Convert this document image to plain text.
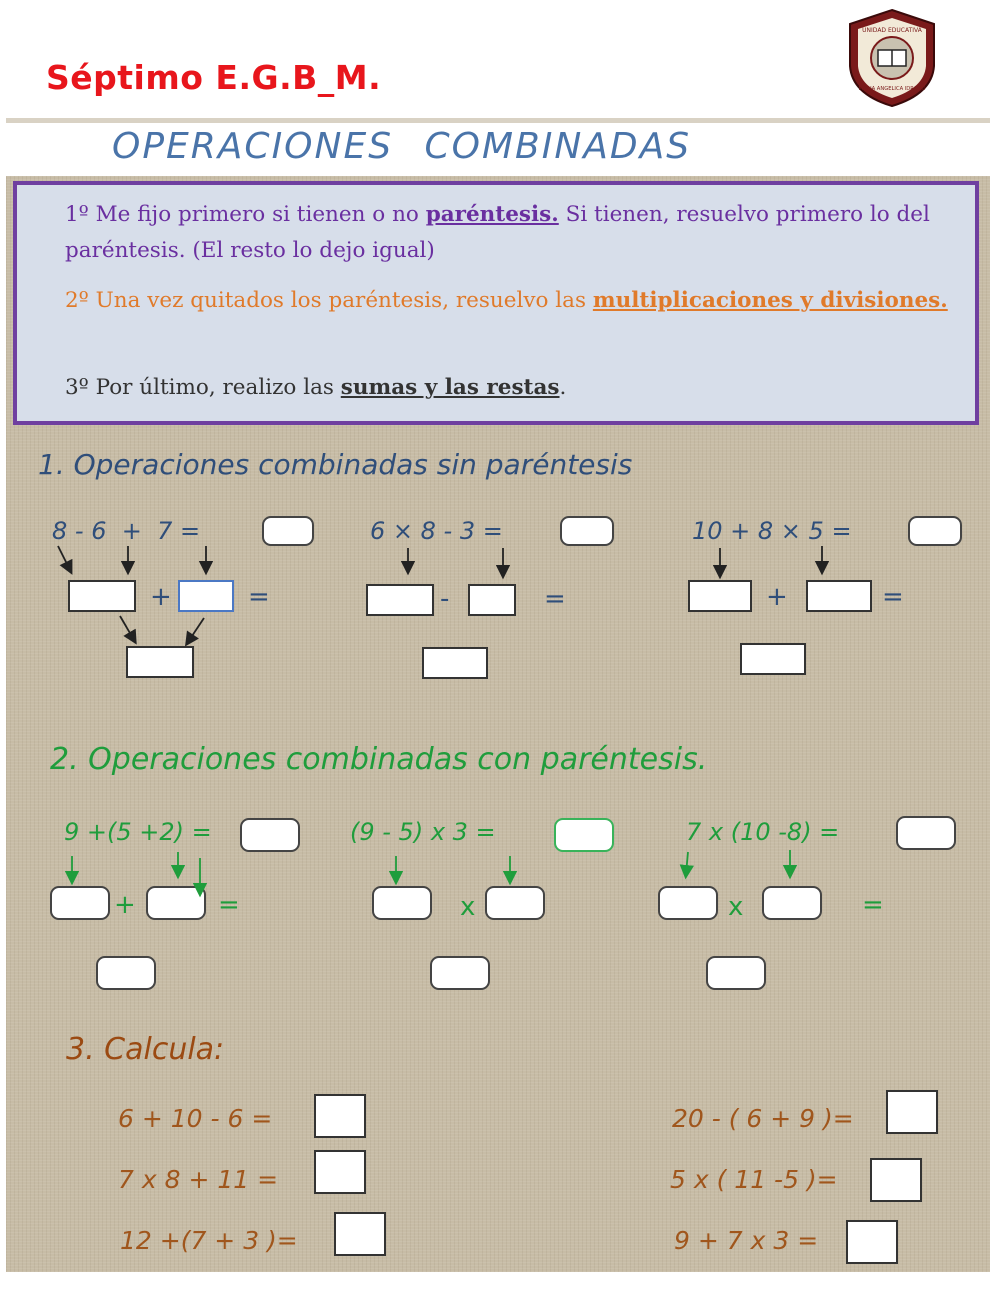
Séptimo E.G.B_M.
UNIDAD EDUCATIVA
MARIA ANGELICA IDROBO
OPERACIONES COMBINADAS
1º Me fijo primero si tienen o no paréntesis. Si tienen, resuelvo primero lo del paréntesis. (El resto lo dejo igual)
2º Una vez quitados los paréntesis, resuelvo las multiplicaciones y divisiones.
3º Por último, realizo las sumas y las restas.
1. Operaciones combinadas sin paréntesis
8 - 6  +  7 =
+	=
6 × 8 - 3 =
-	=
10 + 8 × 5 =
+	=
2. Operaciones combinadas con paréntesis.
9 +(5 +2) =
+	=
(9 - 5) x 3 =
x
7 x (10 -8) =
x	=
3. Calcula:
6 + 10 - 6 =
7 x 8 + 11 =
12 +(7 + 3 )=
20 - ( 6 + 9 )=
5 x ( 11 -5 )=
9 + 7 x 3 =
